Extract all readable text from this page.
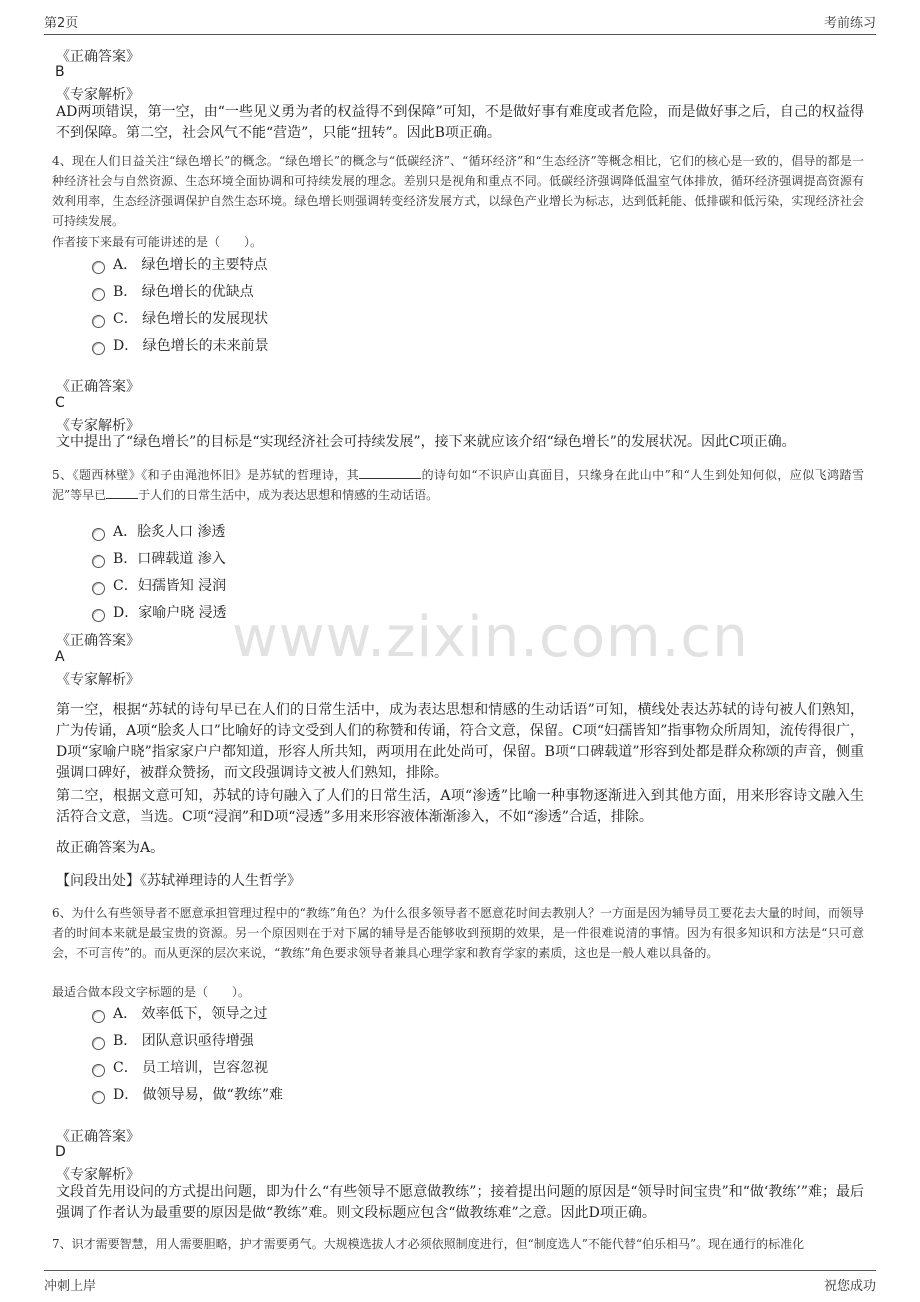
第2页	考前练习
www.zixin.com.cn
《正确答案》
B
《专家解析》
AD两项错误，第一空，由“一些见义勇为者的权益得不到保障”可知，不是做好事有难度或者危险，而是做好事之后，自己的权益得不到保障。第二空，社会风气不能“营造”，只能“扭转”。因此B项正确。
4、现在人们日益关注“绿色增长”的概念。“绿色增长”的概念与“低碳经济”、“循环经济”和“生态经济”等概念相比，它们的核心是一致的，倡导的都是一种经济社会与自然资源、生态环境全面协调和可持续发展的理念。差别只是视角和重点不同。低碳经济强调降低温室气体排放，循环经济强调提高资源有效利用率，生态经济强调保护自然生态环境。绿色增长则强调转变经济发展方式，以绿色产业增长为标志，达到低耗能、低排碳和低污染，实现经济社会可持续发展。
作者接下来最有可能讲述的是（　　）。
A． 绿色增长的主要特点
B． 绿色增长的优缺点
C． 绿色增长的发展现状
D． 绿色增长的未来前景
《正确答案》
C
《专家解析》
文中提出了“绿色增长”的目标是“实现经济社会可持续发展”，接下来就应该介绍“绿色增长”的发展状况。因此C项正确。
5、《题西林壁》《和子由渑池怀旧》是苏轼的哲理诗，其	的诗句如“不识庐山真面目，只缘身在此山中”和“人生到处知何似，应似飞鸿踏雪泥”等早已	于人们的日常生活中，成为表达思想和情感的生动话语。
A．脍炙人口 渗透
B．口碑载道 渗入
C．妇孺皆知 浸润
D．家喻户晓 浸透
《正确答案》
A
《专家解析》
第一空，根据“苏轼的诗句早已在人们的日常生活中，成为表达思想和情感的生动话语”可知，横线处表达苏轼的诗句被人们熟知，广为传诵，A项“脍炙人口”比喻好的诗文受到人们的称赞和传诵，符合文意，保留。C项“妇孺皆知”指事物众所周知，流传得很广，D项“家喻户晓”指家家户户都知道，形容人所共知，两项用在此处尚可，保留。B项“口碑载道”形容到处都是群众称颂的声音，侧重强调口碑好，被群众赞扬，而文段强调诗文被人们熟知，排除。
第二空，根据文意可知，苏轼的诗句融入了人们的日常生活，A项“渗透”比喻一种事物逐渐进入到其他方面，用来形容诗文融入生活符合文意，当选。C项“浸润”和D项“浸透”多用来形容液体渐渐渗入，不如“渗透”合适，排除。
故正确答案为A。
【问段出处】《苏轼禅理诗的人生哲学》
6、为什么有些领导者不愿意承担管理过程中的“教练”角色？为什么很多领导者不愿意花时间去教别人？一方面是因为辅导员工要花去大量的时间，而领导者的时间本来就是最宝贵的资源。另一个原因则在于对下属的辅导是否能够收到预期的效果，是一件很难说清的事情。因为有很多知识和方法是“只可意会，不可言传”的。而从更深的层次来说，“教练”角色要求领导者兼具心理学家和教育学家的素质，这也是一般人难以具备的。
最适合做本段文字标题的是（　　）。
A． 效率低下，领导之过
B． 团队意识亟待增强
C． 员工培训，岂容忽视
D． 做领导易，做“教练”难
《正确答案》
D
《专家解析》
文段首先用设问的方式提出问题，即为什么“有些领导不愿意做教练”；接着提出问题的原因是“领导时间宝贵”和“做‘教练’”难；最后强调了作者认为最重要的原因是做“教练”难。则文段标题应包含“做教练难”之意。因此D项正确。
7、识才需要智慧，用人需要胆略，护才需要勇气。大规模选拔人才必须依照制度进行，但“制度选人”不能代替“伯乐相马”。现在通行的标准化
冲刺上岸	祝您成功
